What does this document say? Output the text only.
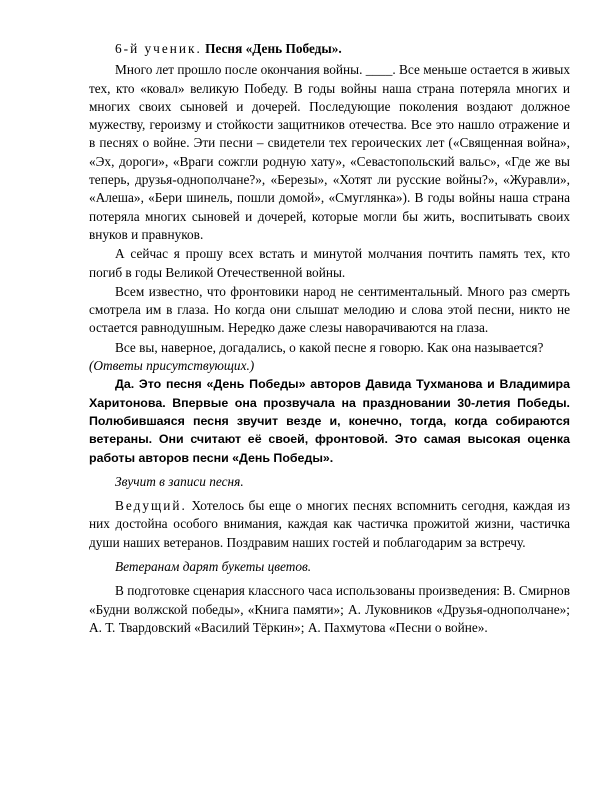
6-й ученик. Песня «День Победы».

Много лет прошло после окончания войны. ____. Все меньше остается в живых тех, кто «ковал» великую Победу. В годы войны наша страна потеряла многих и многих своих сыновей и дочерей. Последующие поколения воздают должное мужеству, героизму и стойкости защитников отечества. Все это нашло отражение и в песнях о войне. Эти песни – свидетели тех героических лет («Священная война», «Эх, дороги», «Враги сожгли родную хату», «Севастопольский вальс», «Где же вы теперь, друзья-однополчане?», «Березы», «Хотят ли русские войны?», «Журавли», «Алеша», «Бери шинель, пошли домой», «Смуглянка»). В годы войны наша страна потеряла многих сыновей и дочерей, которые могли бы жить, воспитывать своих внуков и правнуков.

А сейчас я прошу всех встать и минутой молчания почтить память тех, кто погиб в годы Великой Отечественной войны.

Всем известно, что фронтовики народ не сентиментальный. Много раз смерть смотрела им в глаза. Но когда они слышат мелодию и слова этой песни, никто не остается равнодушным. Нередко даже слезы наворачиваются на глаза.

Все вы, наверное, догадались, о какой песне я говорю. Как она называется?

(Ответы присутствующих.)

Да. Это песня «День Победы» авторов Давида Тухманова и Владимира Харитонова. Впервые она прозвучала на праздновании 30-летия Победы. Полюбившаяся песня звучит везде и, конечно, тогда, когда собираются ветераны. Они считают её своей, фронтовой. Это самая высокая оценка работы авторов песни «День Победы».

Звучит в записи песня.

Ведущий. Хотелось бы еще о многих песнях вспомнить сегодня, каждая из них достойна особого внимания, каждая как частичка прожитой жизни, частичка души наших ветеранов. Поздравим наших гостей и поблагодарим за встречу.

Ветеранам дарят букеты цветов.

В подготовке сценария классного часа использованы произведения: В. Смирнов «Будни волжской победы», «Книга памяти»; А. Луковников «Друзья-однополчане»; А. Т. Твардовский «Василий Тёркин»; А. Пахмутова «Песни о войне».
